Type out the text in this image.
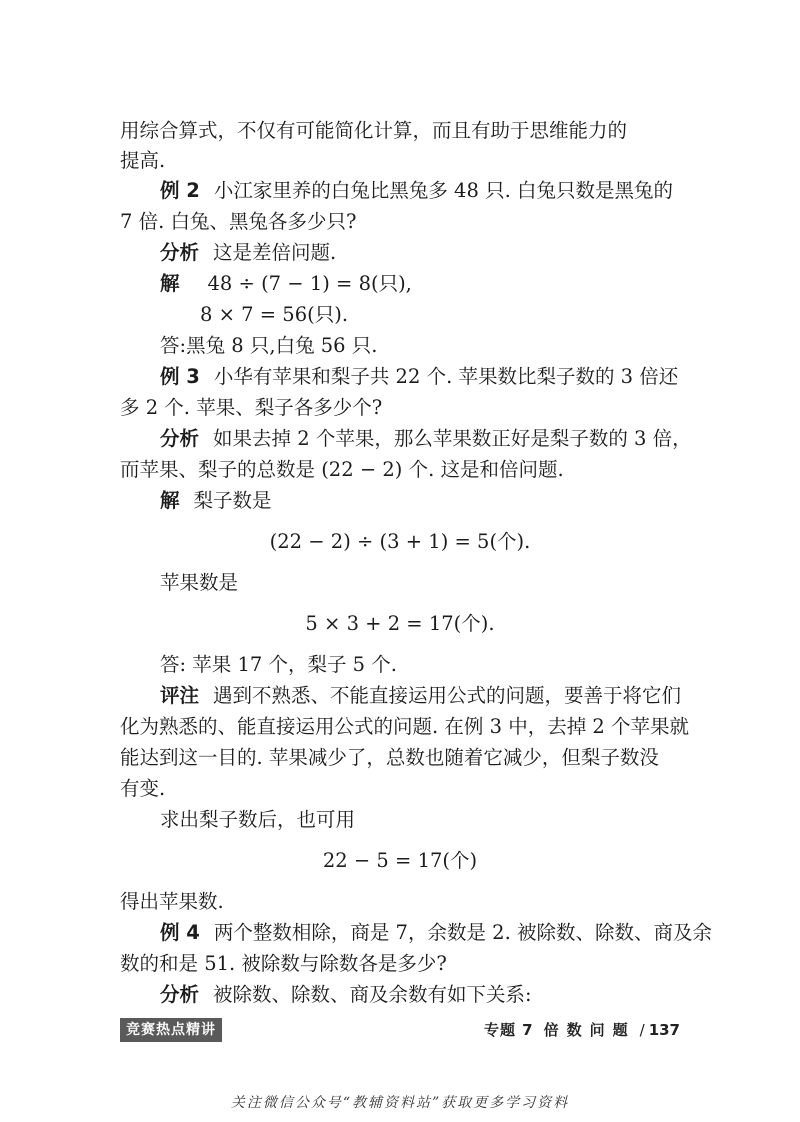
用综合算式，不仅有可能简化计算，而且有助于思维能力的
提高.
例 2 小江家里养的白兔比黑兔多 48 只. 白兔只数是黑兔的
7 倍. 白兔、黑兔各多少只?
分析 这是差倍问题.
解 48 ÷ (7 − 1) = 8(只),
8 × 7 = 56(只).
答:黑兔 8 只,白兔 56 只.
例 3 小华有苹果和梨子共 22 个. 苹果数比梨子数的 3 倍还
多 2 个. 苹果、梨子各多少个?
分析 如果去掉 2 个苹果，那么苹果数正好是梨子数的 3 倍，
而苹果、梨子的总数是 (22 − 2) 个. 这是和倍问题.
解 梨子数是
(22 − 2) ÷ (3 + 1) = 5(个).
苹果数是
5 × 3 + 2 = 17(个).
答: 苹果 17 个，梨子 5 个.
评注 遇到不熟悉、不能直接运用公式的问题，要善于将它们
化为熟悉的、能直接运用公式的问题. 在例 3 中，去掉 2 个苹果就
能达到这一目的. 苹果减少了，总数也随着它减少，但梨子数没
有变.
求出梨子数后，也可用
22 − 5 = 17(个)
得出苹果数.
例 4 两个整数相除，商是 7，余数是 2. 被除数、除数、商及余
数的和是 51. 被除数与除数各是多少?
分析 被除数、除数、商及余数有如下关系:
竞赛热点精讲	专题 7 倍数问题 / 137
关注微信公众号“教辅资料站”获取更多学习资料
